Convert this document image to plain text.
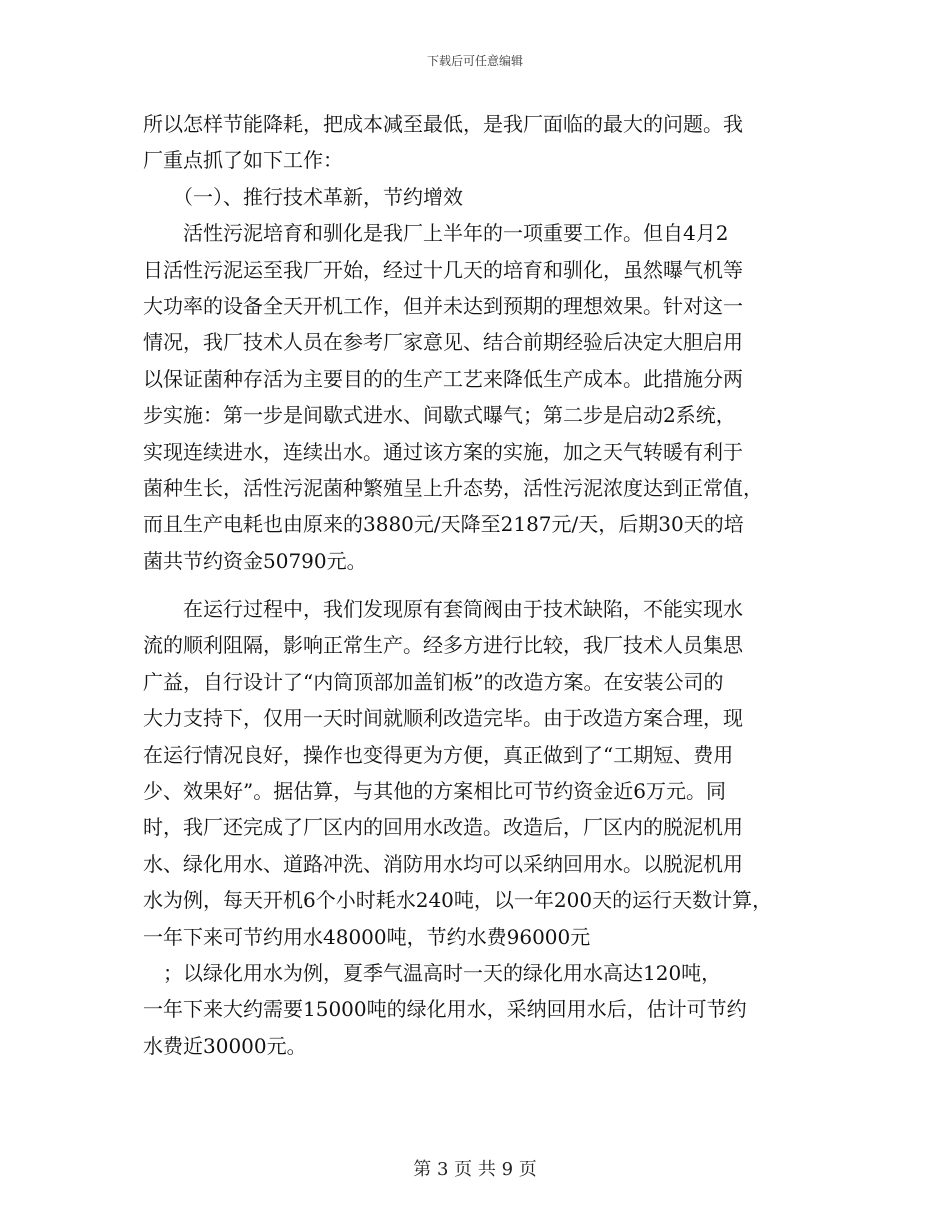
下载后可任意编辑
所以怎样节能降耗，把成本减至最低，是我厂面临的最大的问题。我
厂重点抓了如下工作：
　　（一）、推行技术革新，节约增效
　　活性污泥培育和驯化是我厂上半年的一项重要工作。但自4月2
日活性污泥运至我厂开始，经过十几天的培育和驯化，虽然曝气机等
大功率的设备全天开机工作，但并未达到预期的理想效果。针对这一
情况，我厂技术人员在参考厂家意见、结合前期经验后决定大胆启用
以保证菌种存活为主要目的的生产工艺来降低生产成本。此措施分两
步实施：第一步是间歇式进水、间歇式曝气；第二步是启动2系统，
实现连续进水，连续出水。通过该方案的实施，加之天气转暖有利于
菌种生长，活性污泥菌种繁殖呈上升态势，活性污泥浓度达到正常值，
而且生产电耗也由原来的3880元/天降至2187元/天，后期30天的培
菌共节约资金50790元。
　　在运行过程中，我们发现原有套筒阀由于技术缺陷，不能实现水
流的顺利阻隔，影响正常生产。经多方进行比较，我厂技术人员集思
广益，自行设计了“内筒顶部加盖钔板”的改造方案。在安装公司的
大力支持下，仅用一天时间就顺利改造完毕。由于改造方案合理，现
在运行情况良好，操作也变得更为方便，真正做到了“工期短、费用
少、效果好”。据估算，与其他的方案相比可节约资金近6万元。同
时，我厂还完成了厂区内的回用水改造。改造后，厂区内的脱泥机用
水、绿化用水、道路冲洗、消防用水均可以采纳回用水。以脱泥机用
水为例，每天开机6个小时耗水240吨，以一年200天的运行天数计算，
一年下来可节约用水48000吨，节约水费96000元
　；以绿化用水为例，夏季气温高时一天的绿化用水高达120吨，
一年下来大约需要15000吨的绿化用水，采纳回用水后，估计可节约
水费近30000元。
第 3 页 共 9 页
